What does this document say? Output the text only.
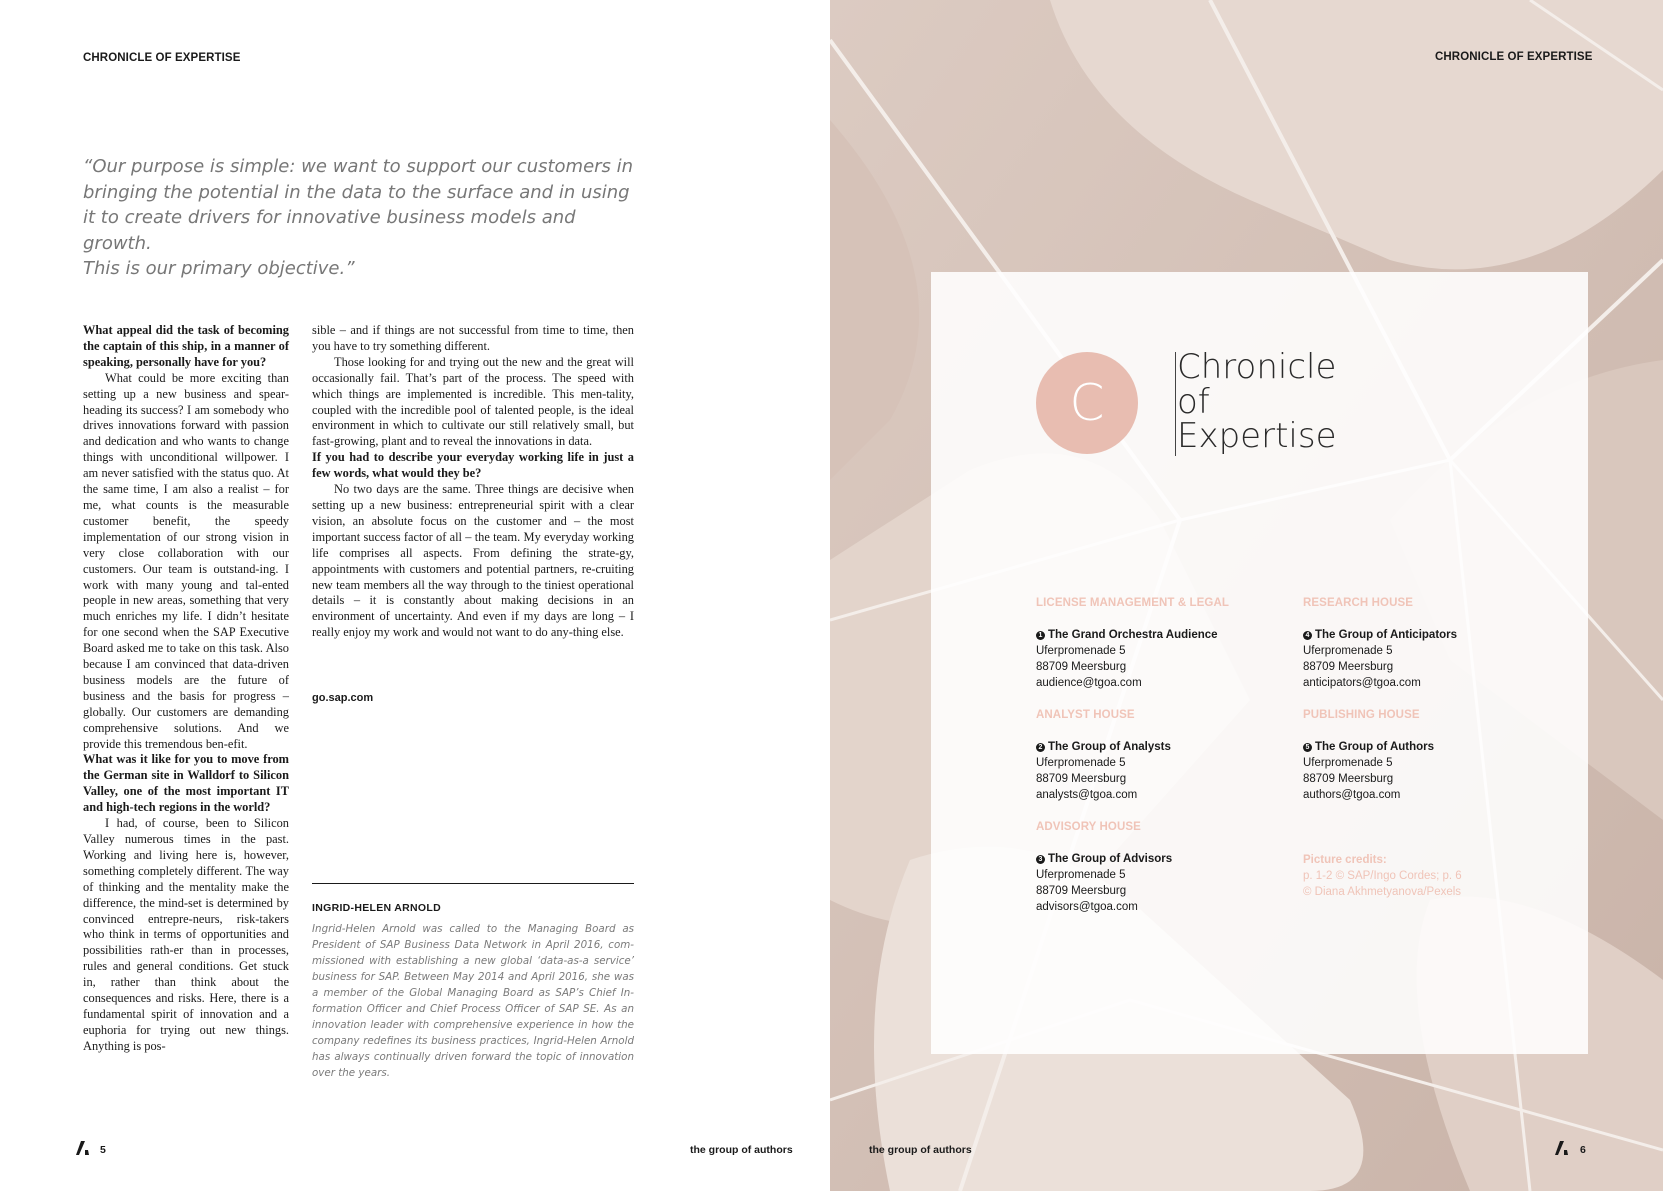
CHRONICLE OF EXPERTISE
“Our purpose is simple: we want to support our customers in
bringing the potential in the data to the surface and in using
it to create drivers for innovative business models and growth.
This is our primary objective.”

What appeal did the task of becoming the captain of this ship, in a manner of speaking, personally have for you?

What could be more exciting than setting up a new business and spear-heading its success? I am somebody who drives innovations forward with passion and dedication and who wants to change things with unconditional willpower. I am never satisfied with the status quo. At the same time, I am also a realist – for me, what counts is the measurable customer benefit, the speedy implementation of our strong vision in very close collaboration with our customers. Our team is outstand-ing. I work with many young and tal-ented people in new areas, something that very much enriches my life. I didn’t hesitate for one second when the SAP Executive Board asked me to take on this task. Also because I am convinced that data-driven business models are the future of business and the basis for progress – globally. Our customers are demanding comprehensive solutions. And we provide this tremendous ben-efit.

What was it like for you to move from the German site in Walldorf to Silicon Valley, one of the most important IT and high-tech regions in the world?

I had, of course, been to Silicon Valley numerous times in the past. Working and living here is, however, something completely different. The way of thinking and the mentality make the difference, the mind-set is determined by convinced entrepre-neurs, risk-takers who think in terms of opportunities and possibilities rath-er than in processes, rules and general conditions. Get stuck in, rather than think about the consequences and risks. Here, there is a fundamental spirit of innovation and a euphoria for trying out new things. Anything is pos-

sible – and if things are not successful from time to time, then you have to try something different.

Those looking for and trying out the new and the great will occasionally fail. That’s part of the process. The speed with which things are implemented is incredible. This men-tality, coupled with the incredible pool of talented people, is the ideal environment in which to cultivate our still relatively small, but fast-growing, plant and to reveal the innovations in data.

If you had to describe your everyday working life in just a few words, what would they be?

No two days are the same. Three things are decisive when setting up a new business: entrepreneurial spirit with a clear vision, an absolute focus on the customer and – the most important success factor of all – the team. My everyday working life comprises all aspects. From defining the strate-gy, appointments with customers and potential partners, re-cruiting new team members all the way through to the tiniest operational details – it is constantly about making decisions in an environment of uncertainty. And even if my days are long – I really enjoy my work and would not want to do any-thing else.

go.sap.com
INGRID-HELEN ARNOLD
Ingrid-Helen Arnold was called to the Managing Board as President of SAP Business Data Network in April 2016, com-missioned with establishing a new global ‘data-as-a service’ business for SAP. Between May 2014 and April 2016, she was a member of the Global Managing Board as SAP’s Chief In-formation Officer and Chief Process Officer of SAP SE. As an innovation leader with comprehensive experience in how the company redefines its business practices, Ingrid-Helen Arnold has always continually driven forward the topic of innovation over the years.
5	the group of authors
CHRONICLE OF EXPERTISE
C
Chronicle
of
Expertise
LICENSE MANAGEMENT & LEGAL
1 The Grand Orchestra Audience
Uferpromenade 5
88709 Meersburg
audience@tgoa.com
ANALYST HOUSE
2 The Group of Analysts
Uferpromenade 5
88709 Meersburg
analysts@tgoa.com
ADVISORY HOUSE
3 The Group of Advisors
Uferpromenade 5
88709 Meersburg
advisors@tgoa.com
RESEARCH HOUSE
4 The Group of Anticipators
Uferpromenade 5
88709 Meersburg
anticipators@tgoa.com
PUBLISHING HOUSE
5 The Group of Authors
Uferpromenade 5
88709 Meersburg
authors@tgoa.com
Picture credits:
p. 1-2 © SAP/Ingo Cordes; p. 6
© Diana Akhmetyanova/Pexels
the group of authors	6
